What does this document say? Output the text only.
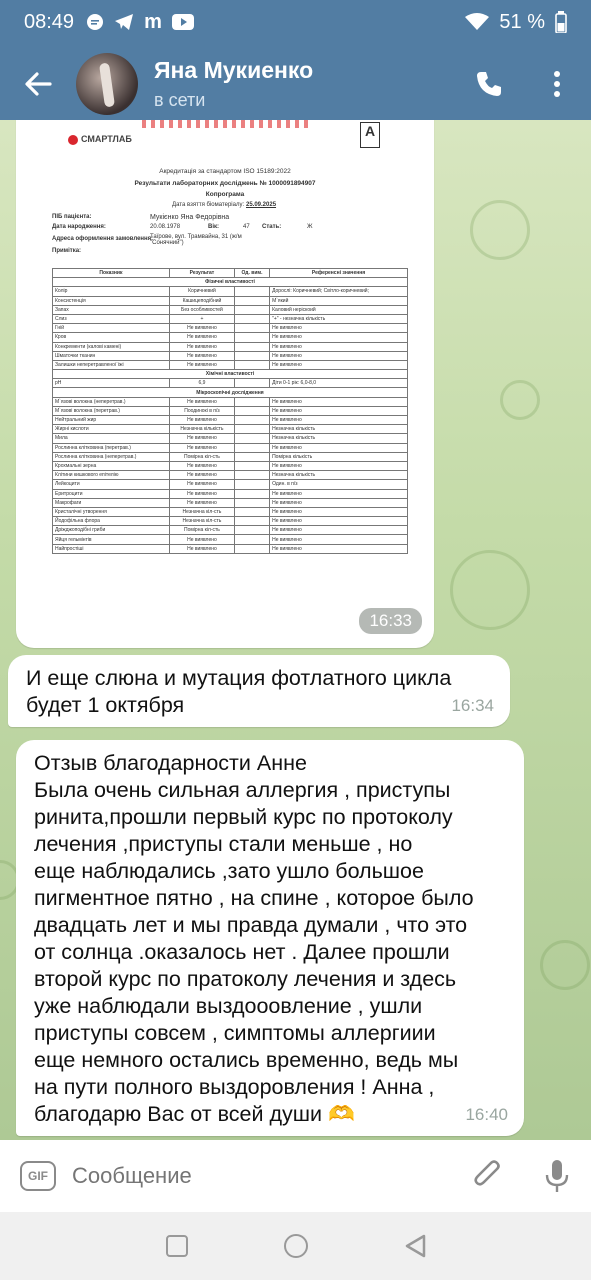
08:49	m	51 %
Яна Мукиенко
в сети
СМАРТЛАБ	A
Акредитація за стандартом ISO 15189:2022
Результати лабораторних досліджень № 1000091894907
Копрограма
Дата взяття біоматеріалу: 25.09.2025
ПІБ пацієнта:	Мукієнко Яна Федорівна
Дата народження:	20.08.1978	Вік:	47 Стать:	Ж
Адреса оформлення замовлення:
Таїрове, вул. Трамвайна, 31 (ж/м "Сонячний")
Примітка:
Показник	Результат	Од. вим.	Референсні значення
Фізичні властивості			
Колір	Коричневий		Дорослі: Коричневий; Світло-коричневий;
Консистенція	Кашицеподібний		М`який
Запах	Без особливостей		Каловий неріскоий
Слиз	+		"+" - незначна кількість
Гній	Не виявлено		Не виявлено
Кров	Не виявлено		Не виявлено
Конкременти (калові камені)	Не виявлено		Не виявлено
Шматочки тканин	Не виявлено		Не виявлено
Залишки неперетравленої їжі	Не виявлено		Не виявлено
Хімічні властивості			
pH	6,9		Діти 0-1 рік: 6,0-8,0
Мікроскопічні дослідження			
М`язові волокна (неперетрав.)	Не виявлено		Не виявлено
М`язові волокна (перетрав.)	Поодинокі в п/з		Не виявлено
Нейтральний жир	Не виявлено		Не виявлено
Жирні кислоти	Незначна кількість		Незначна кількість
Мила	Не виявлено		Незначна кількість
Рослинна клітковина (перетрав.)	Не виявлено		Не виявлено
Рослинна клітковина (неперетрав.)	Помірна кіл-сть		Помірна кількість
Крохмальні зерна	Не виявлено		Не виявлено
Клітини кишкового епітелію	Не виявлено		Незначна кількість
Лейкоцити	Не виявлено		Один. в п/з
Еритроцити	Не виявлено		Не виявлено
Макрофаги	Не виявлено		Не виявлено
Кристалічні утворення	Незначна кіл-сть		Не виявлено
Йодофільна флора	Незначна кіл-сть		Не виявлено
Дріжджоподібні гриби	Помірна кіл-сть		Не виявлено
Яйця гельмінтів	Не виявлено		Не виявлено
Найпростіші	Не виявлено		Не виявлено
16:33
И еще слюна и мутация фотлатного цикла
будет 1 октября	16:34
Отзыв благодарности Анне
Была очень сильная аллергия , приступы
ринита,прошли первый курс по протоколу
лечения ,приступы стали меньше , но
еще наблюдались ,зато ушло большое
пигментное пятно , на спине , которое было
двадцать лет и мы правда думали , что это
от солнца .оказалось нет . Далее прошли
второй курс по пратоколу лечения и здесь
уже наблюдали выздооовление , ушли
приступы совсем , симптомы аллергиии
еще немного остались временно, ведь мы
на пути полного выздоровления ! Анна ,
благодарю Вас от всей души 🫶	16:40
GIF
Сообщение
